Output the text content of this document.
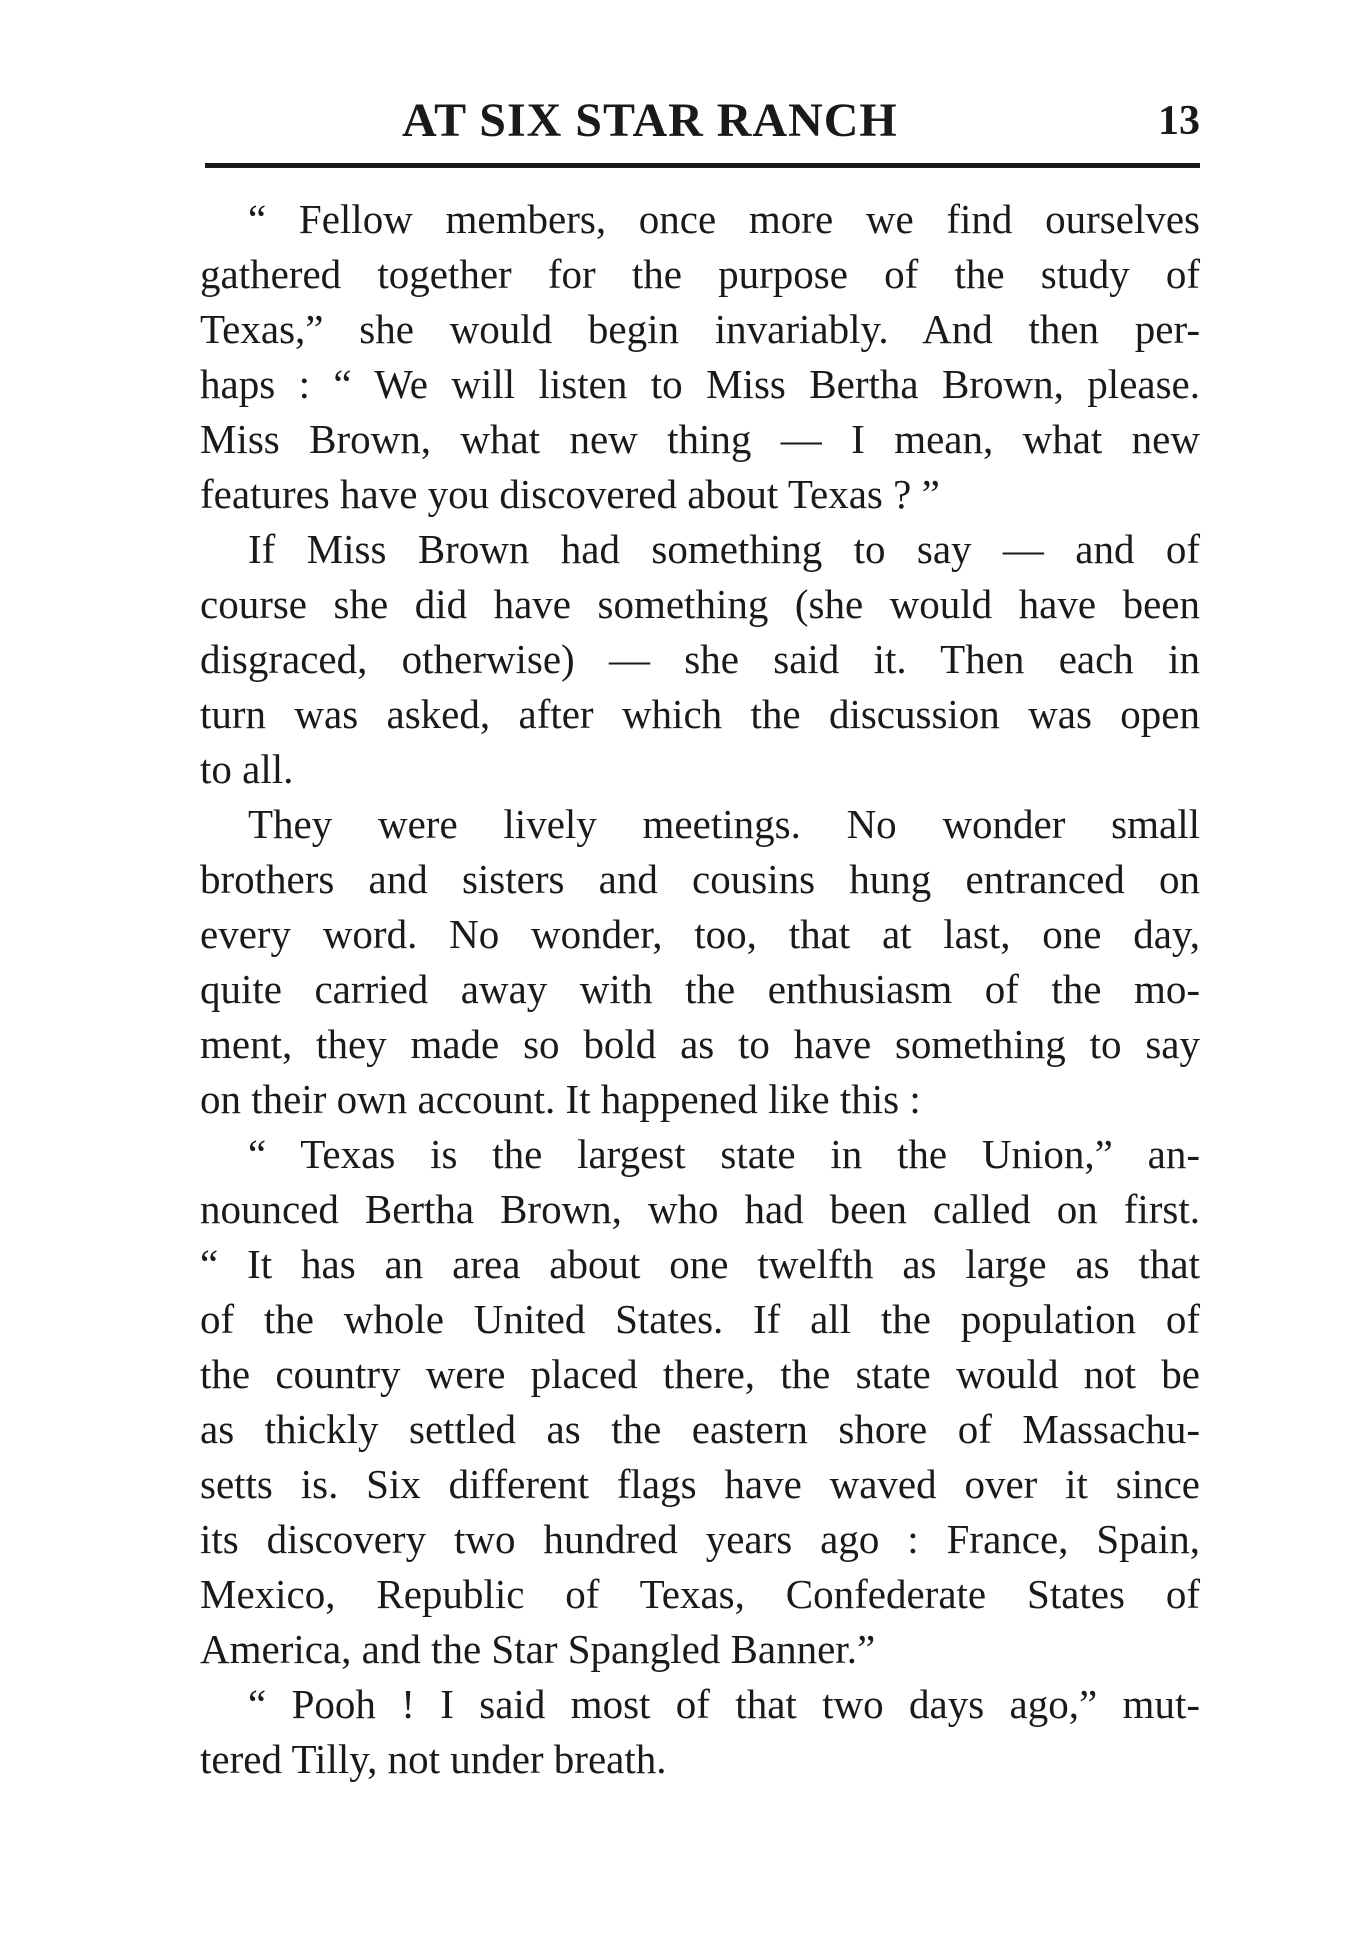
AT SIX STAR RANCH	13
“ Fellow members, once more we find ourselves
gathered together for the purpose of the study of
Texas,” she would begin invariably. And then per-
haps : “ We will listen to Miss Bertha Brown, please.
Miss Brown, what new thing — I mean, what new
features have you discovered about Texas ? ”
If Miss Brown had something to say — and of
course she did have something (she would have been
disgraced, otherwise) — she said it. Then each in
turn was asked, after which the discussion was open
to all.
They were lively meetings. No wonder small
brothers and sisters and cousins hung entranced on
every word. No wonder, too, that at last, one day,
quite carried away with the enthusiasm of the mo-
ment, they made so bold as to have something to say
on their own account. It happened like this :
“ Texas is the largest state in the Union,” an-
nounced Bertha Brown, who had been called on first.
“ It has an area about one twelfth as large as that
of the whole United States. If all the population of
the country were placed there, the state would not be
as thickly settled as the eastern shore of Massachu-
setts is. Six different flags have waved over it since
its discovery two hundred years ago : France, Spain,
Mexico, Republic of Texas, Confederate States of
America, and the Star Spangled Banner.”
“ Pooh ! I said most of that two days ago,” mut-
tered Tilly, not under breath.
